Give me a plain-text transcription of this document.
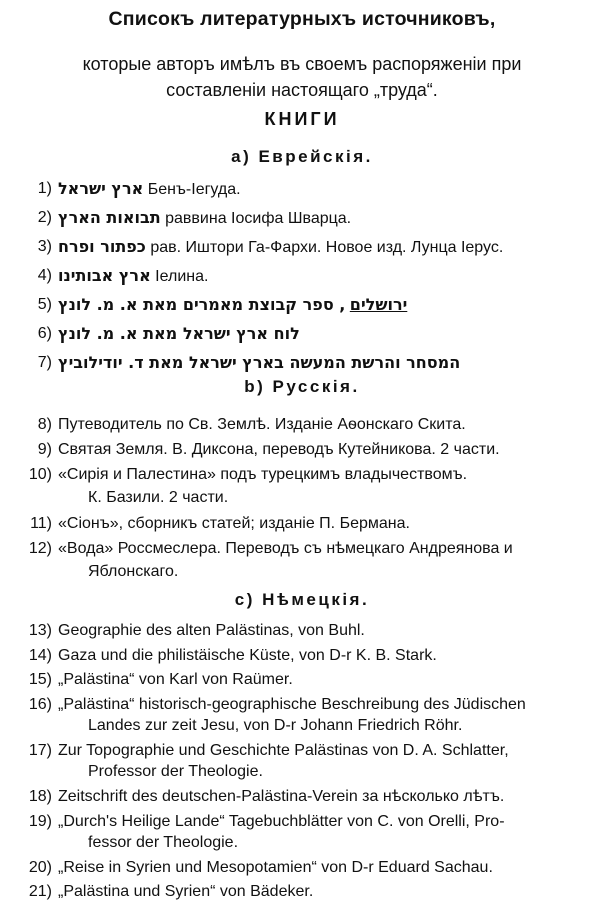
Списокъ литературныхъ источниковъ,
которые авторъ имѣлъ въ своемъ распоряженіи при
составленіи настоящаго „труда“.
КНИГИ
а) Еврейскія.
1) ארץ ישראל Бенъ-Іегуда.
2) תבואות הארץ раввина Іосифа Шварца.
3) כפתור ופרח рав. Иштори Га-Фархи. Новое изд. Лунца Іерус.
4) ארץ אבותינו Іелина.
5) , ספר קבוצת מאמרים מאת א. מ. לונץ ירושלים
6) לוח ארץ ישראל מאת א. מ. לונץ
7) המסחר והרשת המעשה בארץ ישראל מאת ד. יודילוביץ
b) Русскія.
8) Путеводитель по Св. Землѣ. Изданіе Аѳонскаго Скита.
9) Святая Земля. В. Диксона, переводъ Кутейникова. 2 части.
10) «Сирія и Палестина» подъ турецкимъ владычествомъ.
К. Базили. 2 части.
11) «Сіонъ», сборникъ статей; изданіе П. Бермана.
12) «Вода» Россмеслера. Переводъ съ нѣмецкаго Андреянова и
Яблонскаго.
c) Нѣмецкія.
13) Geographie des alten Palästinas, von Buhl.
14) Gaza und die philistäische Küste, von D-r K. B. Stark.
15) „Palästina“ von Karl von Raümer.
16) „Palästina“ historisch-geographische Beschreibung des Jüdischen
Landes zur zeit Jesu, von D-r Johann Friedrich Röhr.
17) Zur Topographie und Geschichte Palästinas von D. A. Schlatter,
Professor der Theologie.
18) Zeitschrift des deutschen-Palästina-Verein за нѣсколько лѣтъ.
19) „Durch's Heilige Lande“ Tagebuchblätter von C. von Orelli, Pro-
fessor der Theologie.
20) „Reise in Syrien und Mesopotamien“ von D-r Eduard Sachau.
21) „Palästina und Syrien“ von Bädeker.
